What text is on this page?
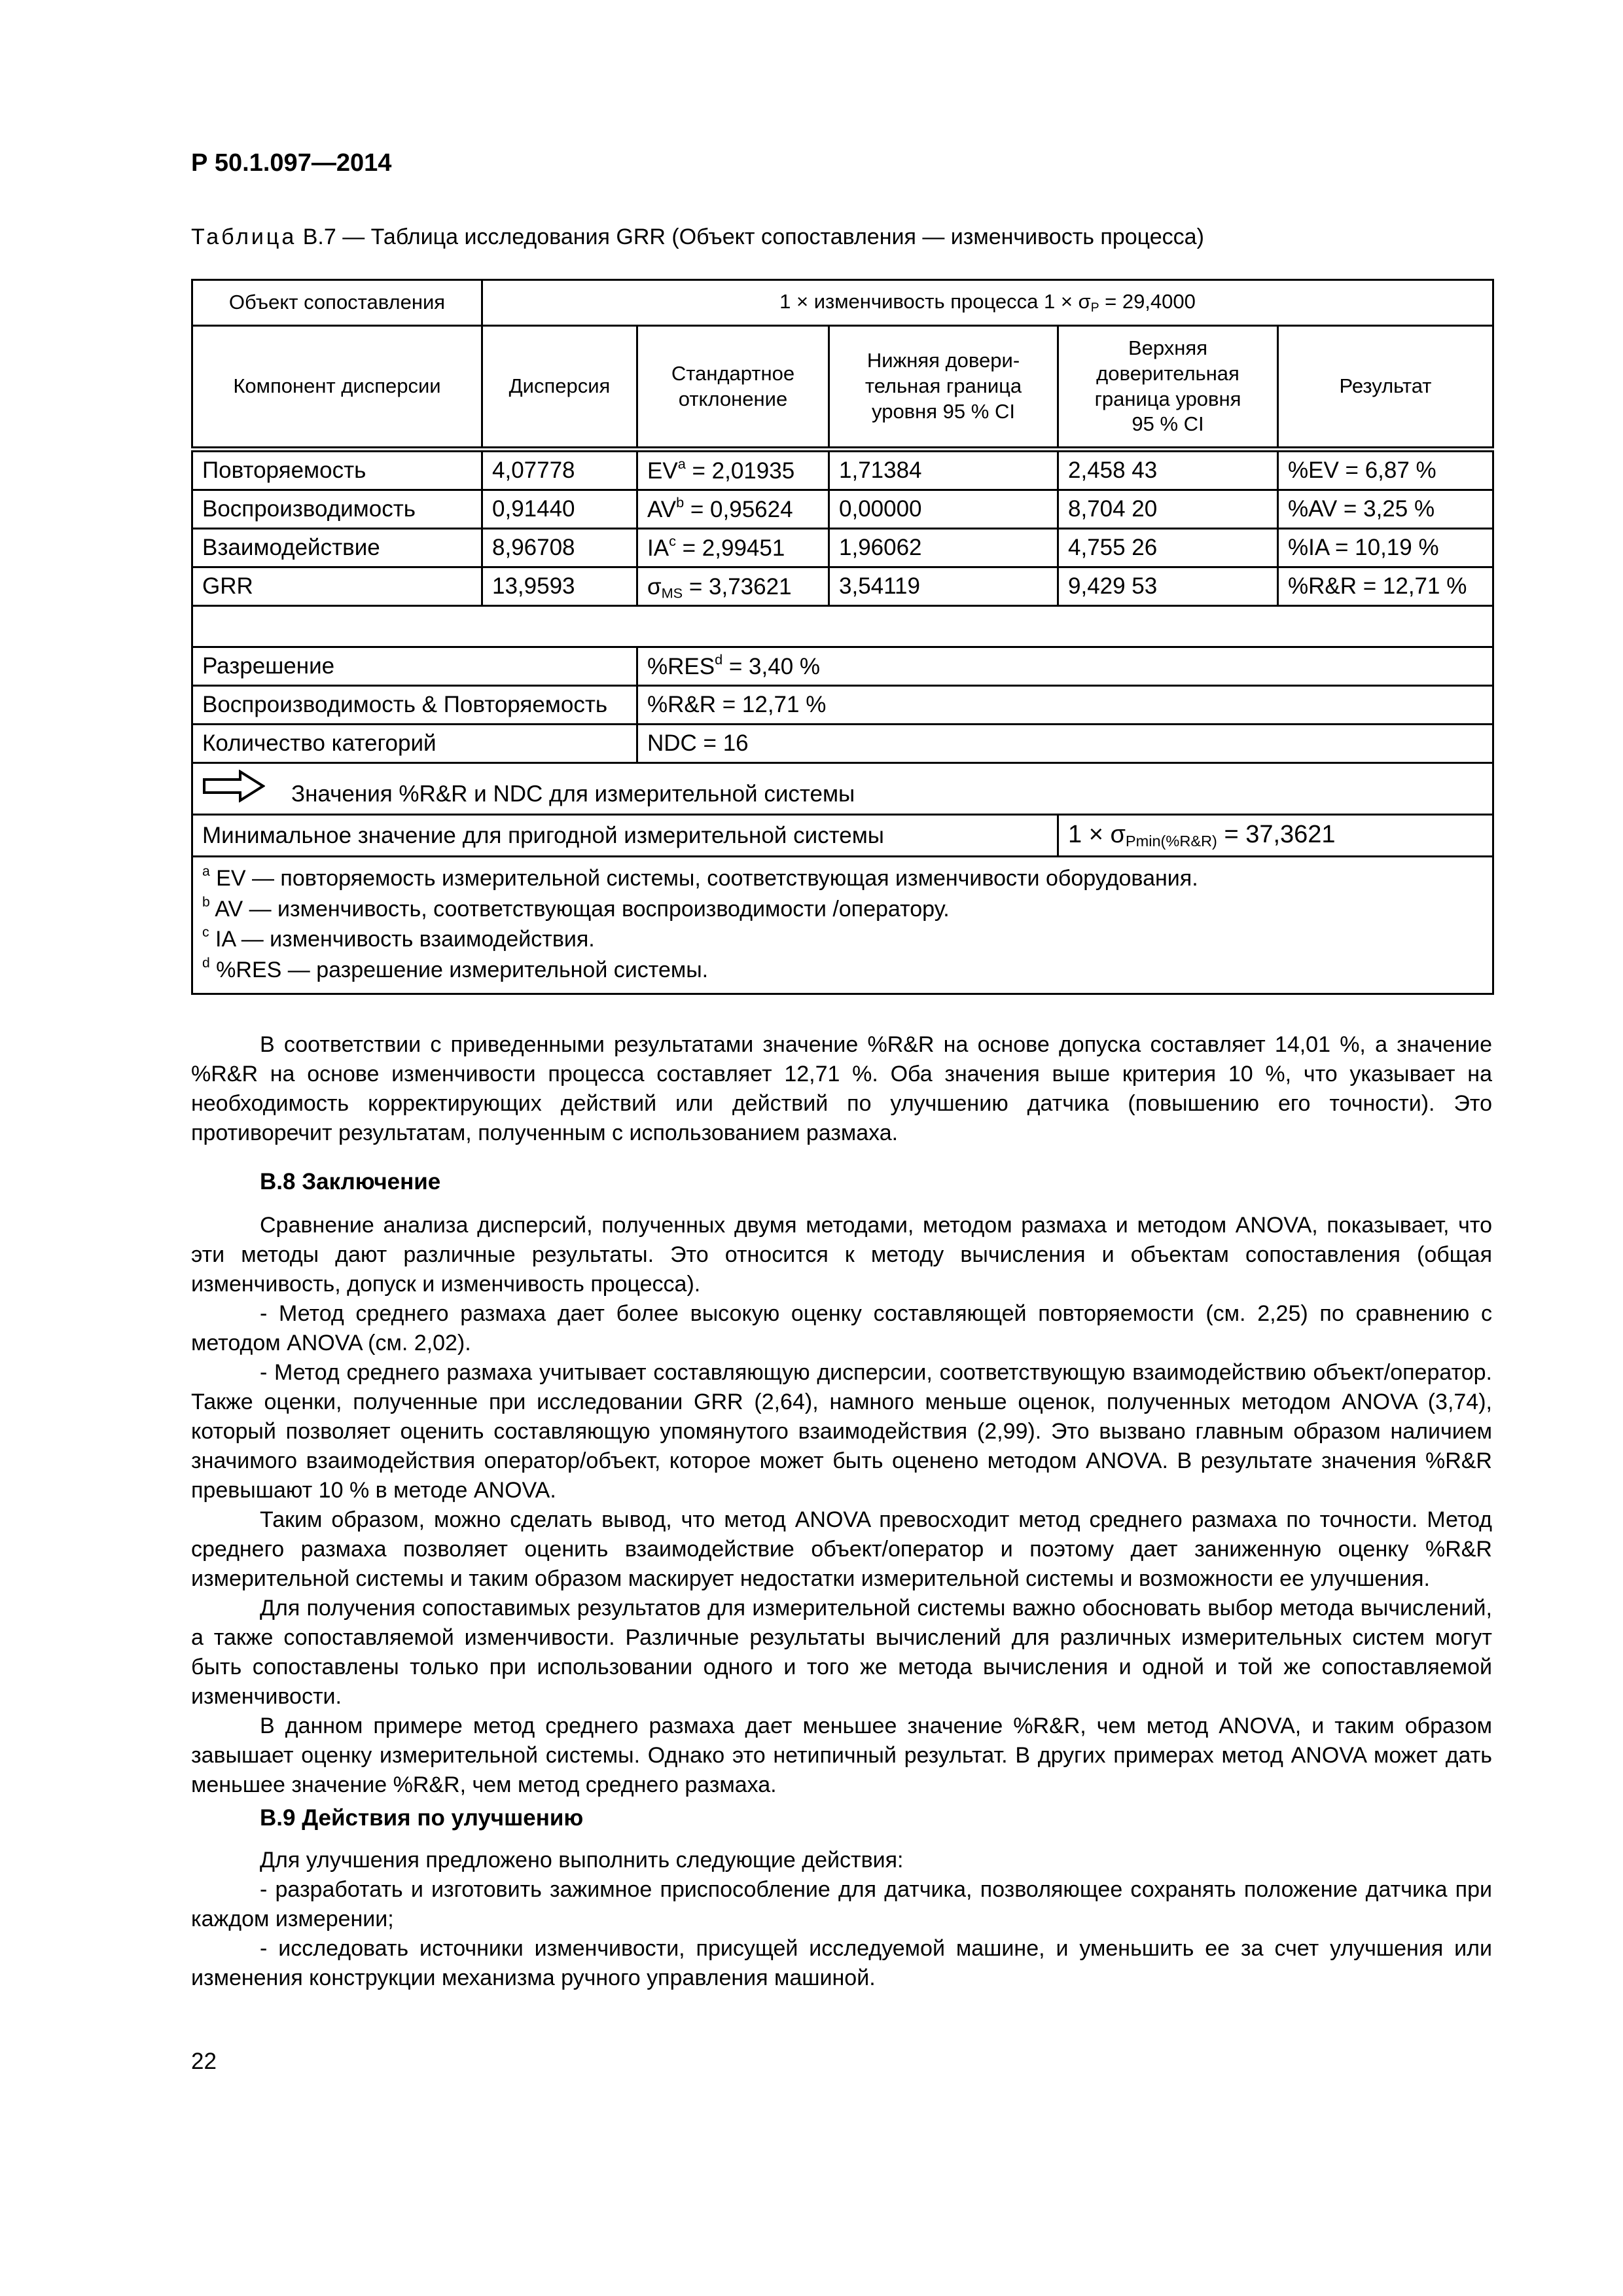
Р 50.1.097—2014
Таблица В.7 — Таблица исследования GRR (Объект сопоставления — изменчивость процесса)
Объект сопоставления	1 × изменчивость процесса $1 \times \sigma_P = 29,4000$				
Компонент дисперсии	Дисперсия	Стандартное отклонение	Нижняя довери-тельная граница уровня 95 % CI	Верхняя доверительная граница уровня 95 % CI	Результат
Повторяемость	4,07778	$EV^a = 2,01935$	1,71384	2,458 43	%EV = 6,87 %
Воспроизводимость	0,91440	$AV^b = 0,95624$	0,00000	8,704 20	%AV = 3,25 %
Взаимодействие	8,96708	$IA^c = 2,99451$	1,96062	4,755 26	%IA = 10,19 %
GRR	13,9593	$\sigma_{MS} = 3,73621$	3,54119	9,429 53	%R&R = 12,71 %

Разрешение		$\%RES^d = 3,40$ %			
Воспроизводимость & Повторяемость		%R&R = 12,71 %			
Количество категорий		NDC = 16			
Значения %R&R и NDC для измерительной системы					
Минимальное значение для пригодной измерительной системы				$1 \times \sigma_{Pmin(\%R\&R)} = 37,3621$	

$^a$ EV — повторяемость измерительной системы, соответствующая изменчивости оборудования.
$^b$ AV — изменчивость, соответствующая воспроизводимости /оператору.
$^c$ IA — изменчивость взаимодействия.
$^d$ %RES — разрешение измерительной системы.					

В соответствии с приведенными результатами значение %R&R на основе допуска составляет 14,01 %, а значение %R&R на основе изменчивости процесса составляет 12,71 %. Оба значения выше критерия 10 %, что указывает на необходимость корректирующих действий или действий по улучшению датчика (повышению его точности). Это противоречит результатам, полученным с использованием размаха.

В.8 Заключение

Сравнение анализа дисперсий, полученных двумя методами, методом размаха и методом ANOVA, показывает, что эти методы дают различные результаты. Это относится к методу вычисления и объектам сопоставления (общая изменчивость, допуск и изменчивость процесса).

- Метод среднего размаха дает более высокую оценку составляющей повторяемости (см. 2,25) по сравнению с методом ANOVA (см. 2,02).

- Метод среднего размаха учитывает составляющую дисперсии, соответствующую взаимодействию объект/оператор. Также оценки, полученные при исследовании GRR (2,64), намного меньше оценок, полученных методом ANOVA (3,74), который позволяет оценить составляющую упомянутого взаимодействия (2,99). Это вызвано главным образом наличием значимого взаимодействия оператор/объект, которое может быть оценено методом ANOVA. В результате значения %R&R превышают 10 % в методе ANOVA.

Таким образом, можно сделать вывод, что метод ANOVA превосходит метод среднего размаха по точности. Метод среднего размаха позволяет оценить взаимодействие объект/оператор и поэтому дает заниженную оценку %R&R измерительной системы и таким образом маскирует недостатки измерительной системы и возможности ее улучшения.

Для получения сопоставимых результатов для измерительной системы важно обосновать выбор метода вычислений, а также сопоставляемой изменчивости. Различные результаты вычислений для различных измерительных систем могут быть сопоставлены только при использовании одного и того же метода вычисления и одной и той же сопоставляемой изменчивости.

В данном примере метод среднего размаха дает меньшее значение %R&R, чем метод ANOVA, и таким образом завышает оценку измерительной системы. Однако это нетипичный результат. В других примерах метод ANOVA может дать меньшее значение %R&R, чем метод среднего размаха.

В.9 Действия по улучшению

Для улучшения предложено выполнить следующие действия:

- разработать и изготовить зажимное приспособление для датчика, позволяющее сохранять положение датчика при каждом измерении;

- исследовать источники изменчивости, присущей исследуемой машине, и уменьшить ее за счет улучшения или изменения конструкции механизма ручного управления машиной.

22
